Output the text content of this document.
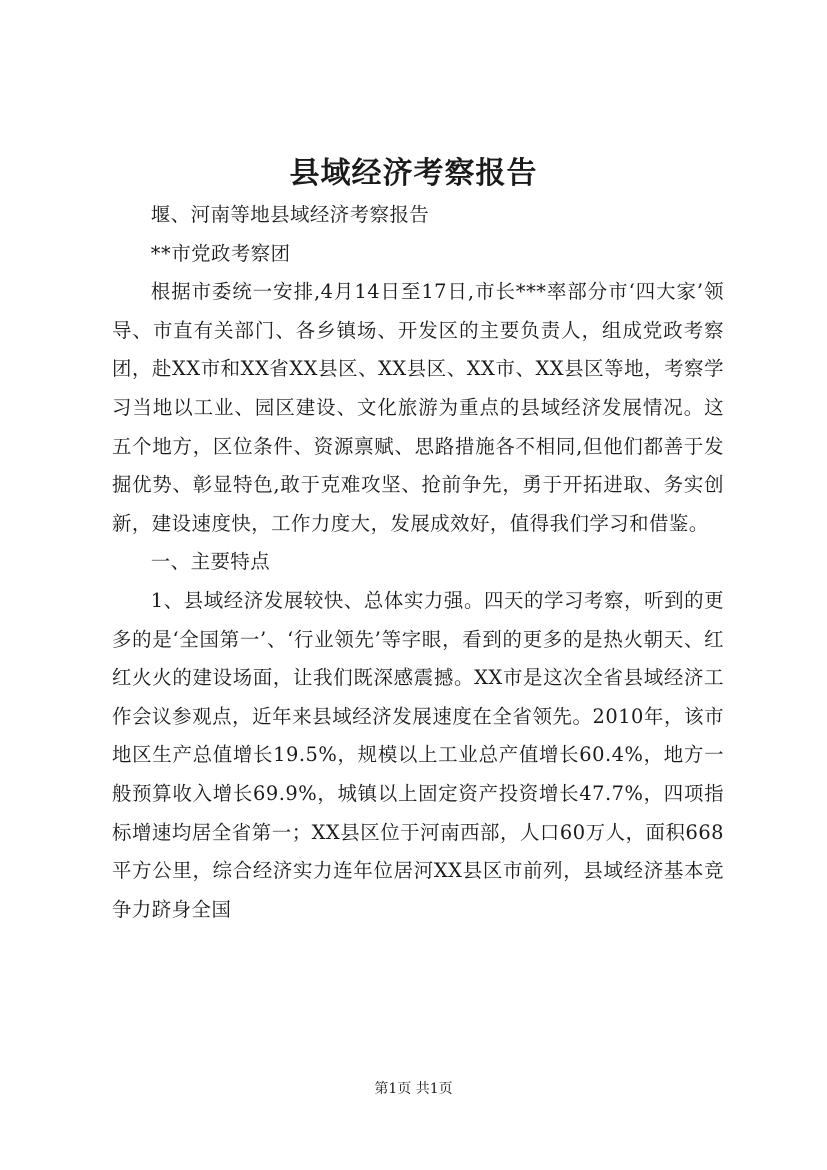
县域经济考察报告

堰、河南等地县域经济考察报告

**市党政考察团

根据市委统一安排,4月14日至17日,市长***率部分市‘四大家’领导、市直有关部门、各乡镇场、开发区的主要负责人，组成党政考察团，赴XX市和XX省XX县区、XX县区、XX市、XX县区等地，考察学习当地以工业、园区建设、文化旅游为重点的县域经济发展情况。这五个地方，区位条件、资源禀赋、思路措施各不相同,但他们都善于发掘优势、彰显特色,敢于克难攻坚、抢前争先，勇于开拓进取、务实创新，建设速度快，工作力度大，发展成效好，值得我们学习和借鉴。

一、主要特点

1、县域经济发展较快、总体实力强。四天的学习考察，听到的更多的是‘全国第一’、‘行业领先’等字眼，看到的更多的是热火朝天、红红火火的建设场面，让我们既深感震撼。XX市是这次全省县域经济工作会议参观点，近年来县域经济发展速度在全省领先。2010年，该市地区生产总值增长19.5%，规模以上工业总产值增长60.4%，地方一般预算收入增长69.9%，城镇以上固定资产投资增长47.7%，四项指标增速均居全省第一；XX县区位于河南西部，人口60万人，面积668平方公里，综合经济实力连年位居河XX县区市前列，县域经济基本竞争力跻身全国

第1页 共1页
